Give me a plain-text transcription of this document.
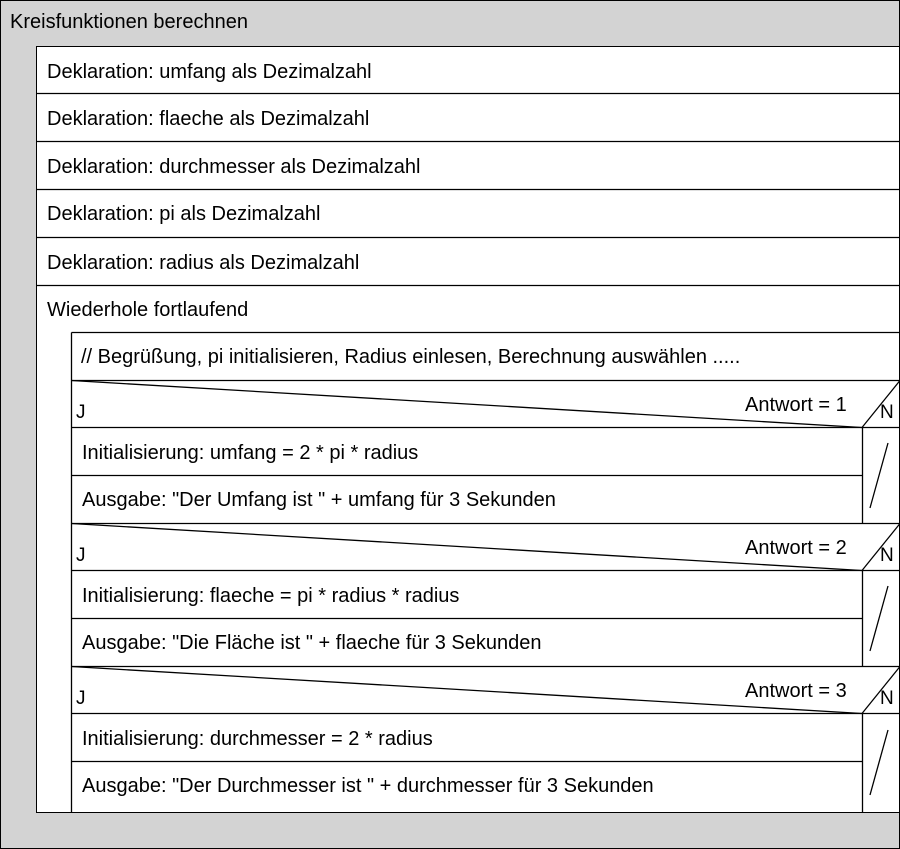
Kreisfunktionen berechnen
Deklaration: umfang als Dezimalzahl
Deklaration: flaeche als Dezimalzahl
Deklaration: durchmesser als Dezimalzahl
Deklaration: pi als Dezimalzahl
Deklaration: radius als Dezimalzahl
Wiederhole fortlaufend
// Begrüßung, pi initialisieren, Radius einlesen, Berechnung auswählen .....
J	Antwort = 1 N
Initialisierung: umfang = 2 * pi * radius
Ausgabe: "Der Umfang ist " + umfang für 3 Sekunden
J	Antwort = 2 N
Initialisierung: flaeche = pi * radius * radius
Ausgabe: "Die Fläche ist " + flaeche für 3 Sekunden
J	Antwort = 3 N
Initialisierung: durchmesser = 2 * radius
Ausgabe: "Der Durchmesser ist " + durchmesser für 3 Sekunden
